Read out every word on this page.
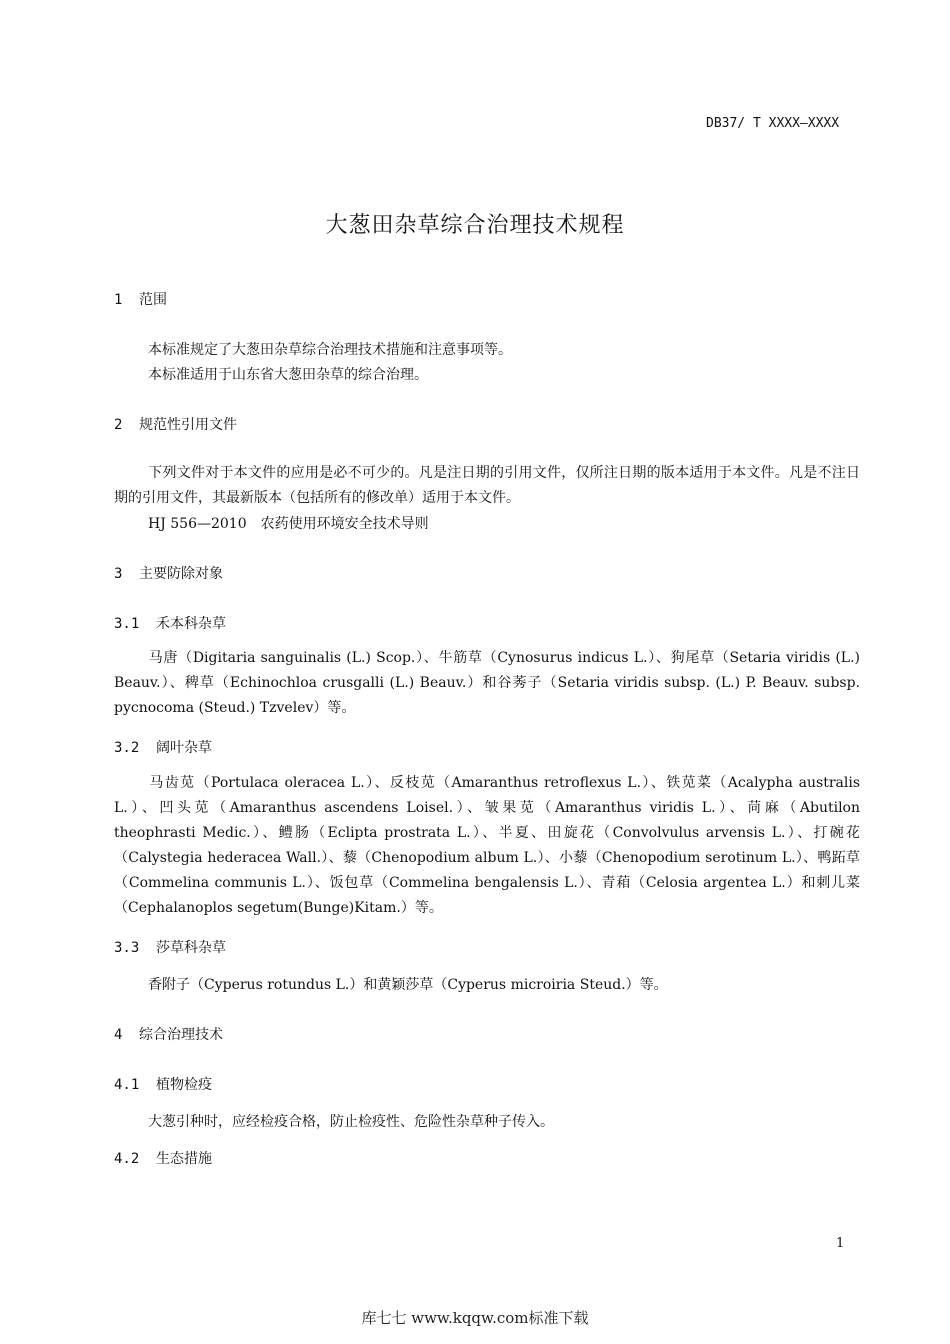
DB37/ T XXXX—XXXX
大葱田杂草综合治理技术规程
1 范围
本标准规定了大葱田杂草综合治理技术措施和注意事项等。
本标准适用于山东省大葱田杂草的综合治理。
2 规范性引用文件
下列文件对于本文件的应用是必不可少的。凡是注日期的引用文件，仅所注日期的版本适用于本文件。凡是不注日期的引用文件，其最新版本（包括所有的修改单）适用于本文件。
HJ 556—2010　农药使用环境安全技术导则
3 主要防除对象
3.1 禾本科杂草
马唐（Digitaria sanguinalis (L.) Scop.）、牛筋草（Cynosurus indicus L.）、狗尾草（Setaria viridis (L.) Beauv.）、稗草（Echinochloa crusgalli (L.) Beauv.）和谷莠子（Setaria viridis subsp. (L.) P. Beauv. subsp. pycnocoma (Steud.) Tzvelev）等。
3.2 阔叶杂草
马齿苋（Portulaca oleracea L.）、反枝苋（Amaranthus retroflexus L.）、铁苋菜（Acalypha australis L.）、凹头苋（Amaranthus ascendens Loisel.）、皱果苋（Amaranthus viridis L.）、苘麻（Abutilon theophrasti Medic.）、鳢肠（Eclipta prostrata L.）、半夏、田旋花（Convolvulus arvensis L.）、打碗花（Calystegia hederacea Wall.）、藜（Chenopodium album L.）、小藜（Chenopodium serotinum L.）、鸭跖草（Commelina communis L.）、饭包草（Commelina bengalensis L.）、青葙（Celosia argentea L.）和刺儿菜（Cephalanoplos segetum(Bunge)Kitam.）等。
3.3 莎草科杂草
香附子（Cyperus rotundus L.）和黄颖莎草（Cyperus microiria Steud.）等。
4 综合治理技术
4.1 植物检疫
大葱引种时，应经检疫合格，防止检疫性、危险性杂草种子传入。
4.2 生态措施
1
库七七 www.kqqw.com标准下载
